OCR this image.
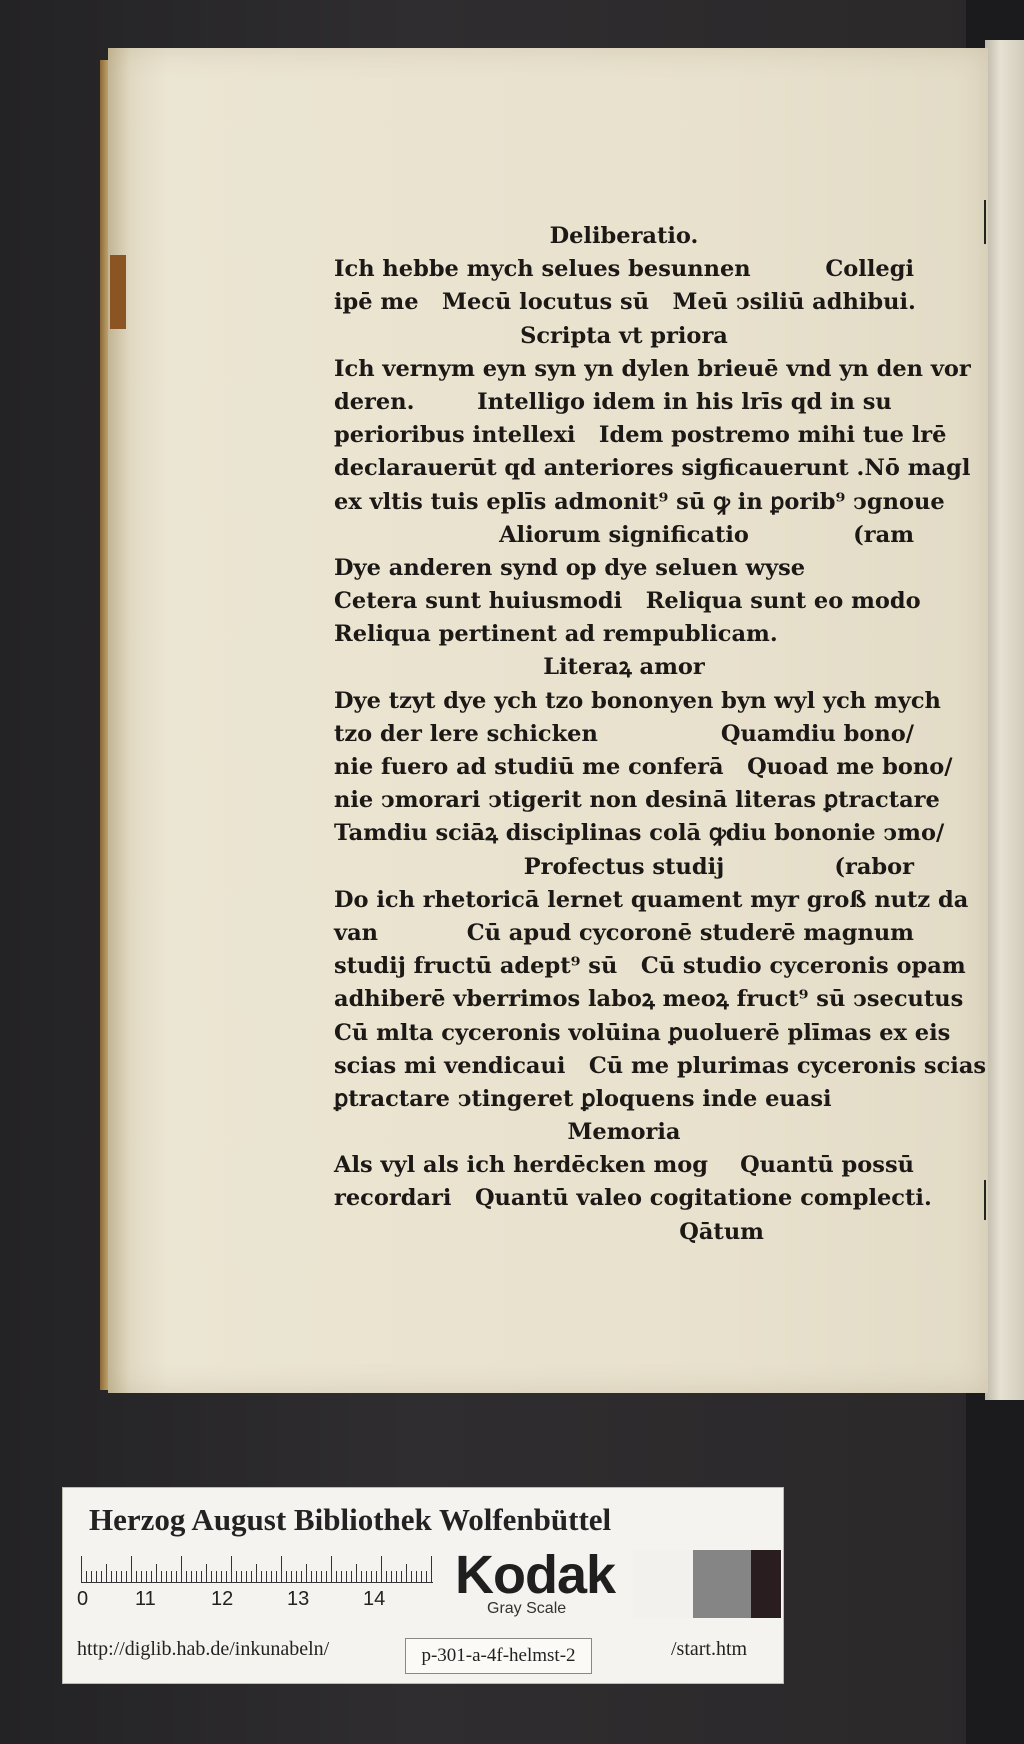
Deliberatio.
Ich hebbe mych selues besunnen	Collegi
ipē me   Mecū locutus sū   Meū ↄsiliū adhibui.
Scripta vt priora
Ich vernym eyn syn yn dylen brieuē vnd yn den vor
deren.        Intelligo idem in his lrīs qd in su
perioribus intellexi   Idem postremo mihi tue lrē
declarauerūt qd anteriores sigficauerunt .Nō magl
ex vltis tuis eplīs admonit⁹ sū ꝙ in ꝑorib⁹ ↄgnoue
Aliorum significatio	(ram
Dye anderen synd op dye seluen wyse
Cetera sunt huiusmodi   Reliqua sunt eo modo
Reliqua pertinent ad rempublicam.
Literaꝝ amor
Dye tzyt dye ych tzo bononyen byn wyl ych mych
tzo der lere schicken	Quamdiu bono/
nie fuero ad studiū me conferā   Quoad me bono/
nie ↄmorari ↄtigerit non desinā literas ꝑtractare
Tamdiu sciāꝝ disciplinas colā ꝙdiu bononie ↄmo/
Profectus studij	(rabor
Do ich rhetoricā lernet quament myr groß nutz da
van	Cū apud cycoronē studerē magnum
studij fructū adept⁹ sū   Cū studio cyceronis opam
adhiberē vberrimos laboꝝ meoꝝ fruct⁹ sū ↄsecutus
Cū mlta cyceronis volūina ꝑuoluerē plīmas ex eis
scias mi vendicaui   Cū me plurimas cyceronis scias
ꝑtractare ↄtingeret ꝑloquens inde euasi
Memoria
Als vyl als ich herdēcken mog Quantū possū
recordari   Quantū valeo cogitatione complecti.
Qātum
Herzog August Bibliothek Wolfenbüttel
0 11	12	13	14 Kodak
Gray Scale
http://diglib.hab.de/inkunabeln/	p-301-a-4f-helmst-2	/start.htm
